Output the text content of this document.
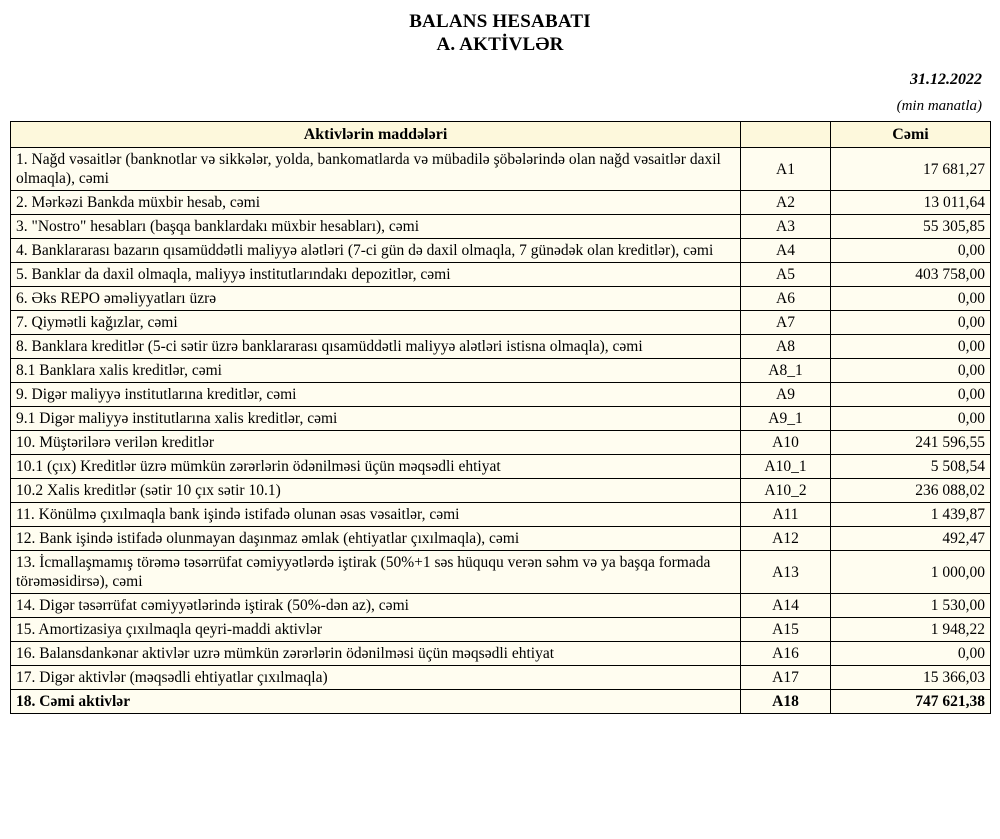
BALANS HESABATI
A. AKTİVLƏR
31.12.2022
(min manatla)
Aktivlərin maddələri		Cəmi
1. Nağd vəsaitlər (banknotlar və sikkələr, yolda, bankomatlarda və mübadilə şöbələrində olan nağd vəsaitlər daxil olmaqla), cəmi	A1	17 681,27
2. Mərkəzi Bankda müxbir hesab, cəmi	A2	13 011,64
3. "Nostro" hesabları (başqa banklardakı müxbir hesabları), cəmi	A3	55 305,85
4. Banklararası bazarın qısamüddətli maliyyə alətləri (7-ci gün də daxil olmaqla, 7 günədək olan kreditlər), cəmi	A4	0,00
5. Banklar da daxil olmaqla, maliyyə institutlarındakı depozitlər, cəmi	A5	403 758,00
6. Əks REPO əməliyyatları üzrə	A6	0,00
7. Qiymətli kağızlar, cəmi	A7	0,00
8. Banklara kreditlər (5-ci sətir üzrə banklararası qısamüddətli maliyyə alətləri istisna olmaqla), cəmi	A8	0,00
8.1 Banklara xalis kreditlər, cəmi	A8_1	0,00
9. Digər maliyyə institutlarına kreditlər, cəmi	A9	0,00
9.1 Digər maliyyə institutlarına xalis kreditlər, cəmi	A9_1	0,00
10. Müştərilərə verilən kreditlər	A10	241 596,55
10.1 (çıx) Kreditlər üzrə mümkün zərərlərin ödənilməsi üçün məqsədli ehtiyat	A10_1	5 508,54
10.2 Xalis kreditlər (sətir 10 çıx sətir 10.1)	A10_2	236 088,02
11. Könülmə çıxılmaqla bank işində istifadə olunan əsas vəsaitlər, cəmi	A11	1 439,87
12. Bank işində istifadə olunmayan daşınmaz əmlak (ehtiyatlar çıxılmaqla), cəmi	A12	492,47
13. İcmallaşmamış törəmə təsərrüfat cəmiyyətlərdə iştirak (50%+1 səs hüququ verən səhm və ya başqa formada törəməsidirsə), cəmi	A13	1 000,00
14. Digər təsərrüfat cəmiyyətlərində iştirak (50%-dən az), cəmi	A14	1 530,00
15. Amortizasiya çıxılmaqla qeyri-maddi aktivlər	A15	1 948,22
16. Balansdankənar aktivlər uzrə mümkün zərərlərin ödənilməsi üçün məqsədli ehtiyat	A16	0,00
17. Digər aktivlər (məqsədli ehtiyatlar çıxılmaqla)	A17	15 366,03
18. Cəmi aktivlər	A18	747 621,38
